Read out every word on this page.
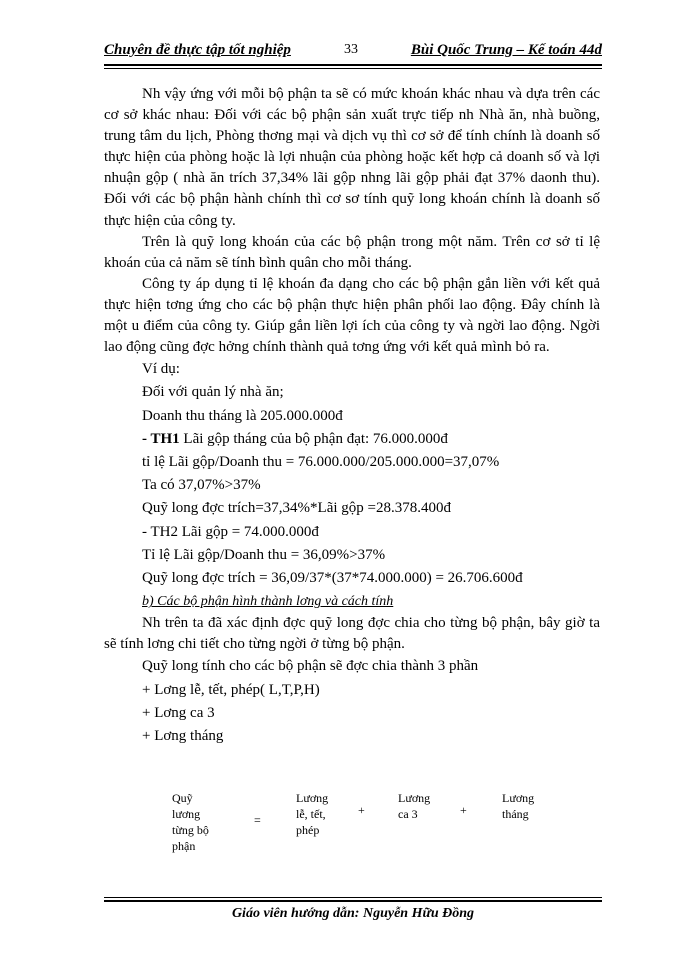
Chuyên đề thực tập tốt nghiệp	33	Bùi Quốc Trung – Kế toán 44d

Nh vậy ứng với mỗi bộ phận ta sẽ có mức khoán khác nhau và dựa trên các cơ sở khác nhau: Đối với các bộ phận sản xuất trực tiếp nh Nhà ăn, nhà buồng, trung tâm du lịch, Phòng thơng mại và dịch vụ thì cơ sở để tính chính là doanh số thực hiện của phòng hoặc là lợi nhuận của phòng hoặc kết hợp cả doanh số và lợi nhuận gộp ( nhà ăn trích 37,34% lãi gộp nhng lãi gộp phải đạt 37% daonh thu). Đối với các bộ phận hành chính thì cơ sơ tính quỹ long khoán chính là doanh số thực hiện của công ty.

Trên là quỹ long khoán của các bộ phận trong một năm. Trên cơ sở tỉ lệ khoán của cả năm sẽ tính bình quân cho mỗi tháng.

Công ty áp dụng tỉ lệ khoán đa dạng cho các bộ phận gắn liền với kết quả thực hiện tơng ứng cho các bộ phận thực hiện phân phối lao động. Đây chính là một u điểm của công ty. Giúp gắn liền lợi ích của công ty và ngời lao động. Ngời lao động cũng đợc hởng chính thành quả tơng ứng với kết quả mình bỏ ra.

Ví dụ:
Đối với quản lý nhà ăn;
Doanh thu tháng là 205.000.000đ
- TH1 Lãi gộp tháng của bộ phận đạt: 76.000.000đ
tỉ lệ Lãi gộp/Doanh thu = 76.000.000/205.000.000=37,07%
Ta có 37,07%>37%
Quỹ long đợc trích=37,34%*Lãi gộp =28.378.400đ
- TH2 Lãi gộp = 74.000.000đ
Tỉ lệ Lãi gộp/Doanh thu = 36,09%>37%
Quỹ long đợc trích = 36,09/37*(37*74.000.000) = 26.706.600đ
b) Các bộ phận hình thành lơng và cách tính

Nh trên ta đã xác định đợc quỹ long đợc chia cho từng bộ phận, bây giờ ta sẽ tính lơng chi tiết cho từng ngời ở từng bộ phận.

Quỹ long tính cho các bộ phận sẽ đợc chia thành 3 phần
+ Lơng lễ, tết, phép( L,T,P,H)
+ Lơng ca 3
+ Lơng tháng
Quỹ
lương
từng bộ
phận
=
Lương
lễ, tết,
phép
+
Lương
ca 3	+
Lương
tháng
Giáo viên hướng dẫn: Nguyễn Hữu Đồng
